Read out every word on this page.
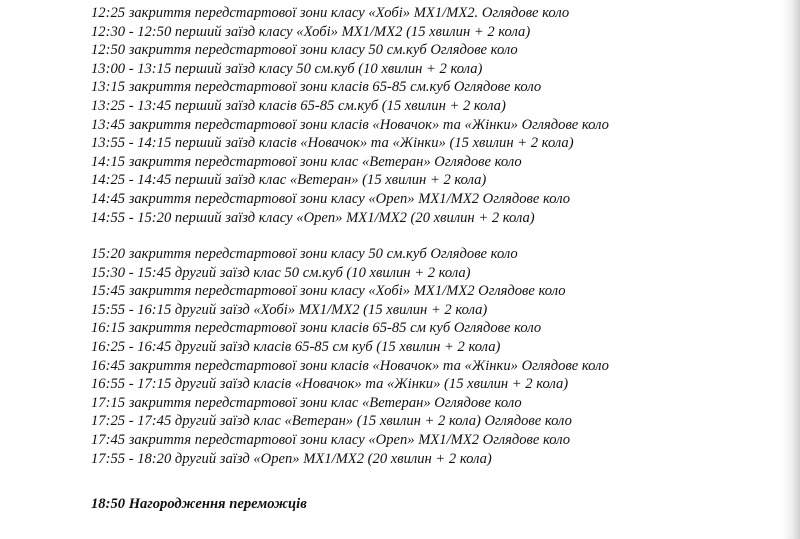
12:25 закриття передстартової зони класу «Хобі» MX1/MX2. Оглядове коло
12:30 - 12:50 перший заїзд класу «Хобі» MX1/MX2 (15 хвилин + 2 кола)
12:50 закриття передстартової зони класу 50 см.куб Оглядове коло
13:00 - 13:15 перший заїзд класу 50 см.куб (10 хвилин + 2 кола)
13:15 закриття передстартової зони класів 65-85 см.куб Оглядове коло
13:25 - 13:45 перший заїзд класів 65-85 см.куб (15 хвилин + 2 кола)
13:45 закриття передстартової зони класів «Новачок» та «Жінки» Оглядове коло
13:55 - 14:15 перший заїзд класів «Новачок» та «Жінки» (15 хвилин + 2 кола)
14:15 закриття передстартової зони клас «Ветеран» Оглядове коло
14:25 - 14:45 перший заїзд клас «Ветеран» (15 хвилин + 2 кола)
14:45 закриття передстартової зони класу «Open» MX1/MX2 Оглядове коло
14:55 - 15:20 перший заїзд класу «Open» MX1/MX2 (20 хвилин + 2 кола)
15:20 закриття передстартової зони класу 50 см.куб Оглядове коло
15:30 - 15:45 другий заїзд клас 50 см.куб (10 хвилин + 2 кола)
15:45 закриття передстартової зони класу «Хобі» MX1/MX2 Оглядове коло
15:55 - 16:15 другий заїзд «Хобі» MX1/MX2 (15 хвилин + 2 кола)
16:15 закриття передстартової зони класів 65-85 см куб Оглядове коло
16:25 - 16:45 другий заїзд класів 65-85 см куб (15 хвилин + 2 кола)
16:45 закриття передстартової зони класів «Новачок» та «Жінки» Оглядове коло
16:55 - 17:15 другий заїзд класів «Новачок» та «Жінки» (15 хвилин + 2 кола)
17:15 закриття передстартової зони клас «Ветеран» Оглядове коло
17:25 - 17:45 другий заїзд клас «Ветеран» (15 хвилин + 2 кола) Оглядове коло
17:45 закриття передстартової зони класу «Open» MX1/MX2 Оглядове коло
17:55 - 18:20 другий заїзд «Open» MX1/MX2 (20 хвилин + 2 кола)
18:50 Нагородження переможців
